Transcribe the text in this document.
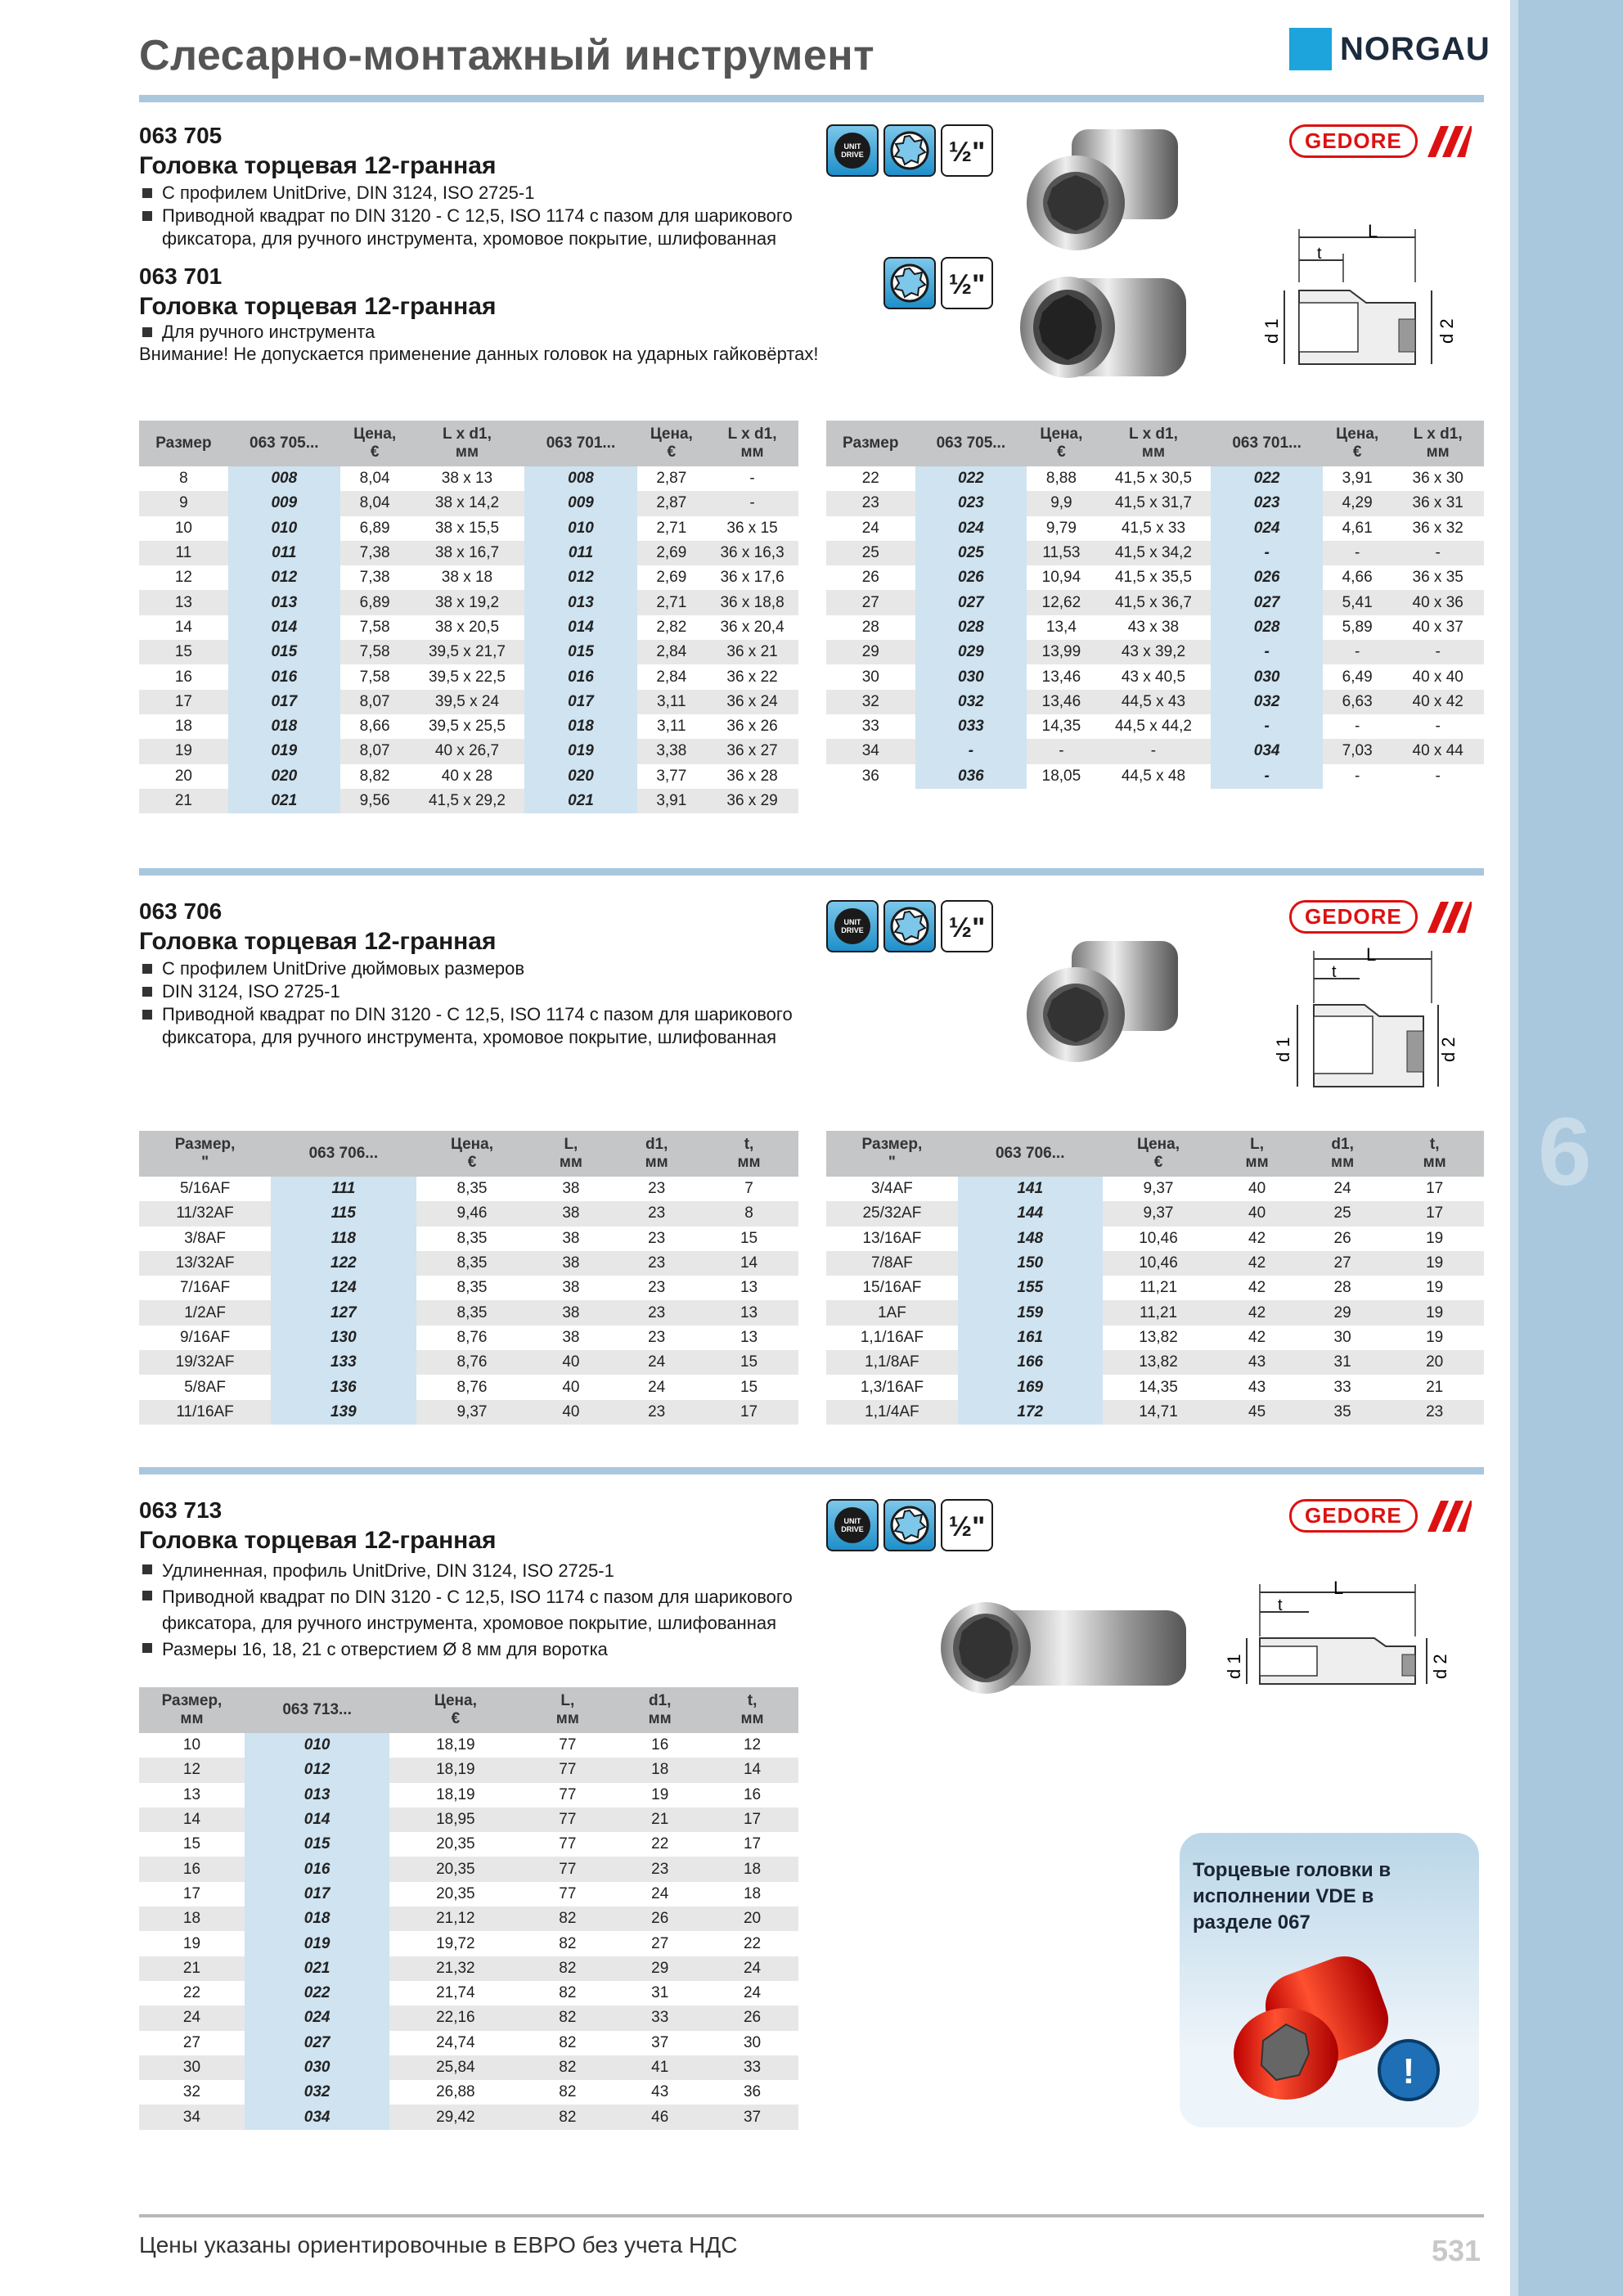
6
Слесарно-монтажный инструмент	NORGAU
063 705
Головка торцевая 12-гранная
С профилем UnitDrive, DIN 3124, ISO 2725-1
Приводной квадрат по DIN 3120 - С 12,5, ISO 1174 с пазом для шарикового фиксатора, для ручного инструмента, хромовое покрытие, шлифованная
063 701
Головка торцевая 12-гранная
Для ручного инструмента
Внимание! Не допускается применение данных головок на ударных гайковёртах!
UNIT
DRIVE	½"
½"
GEDORE
L
t
d 1	d 2
Размер	063 705...	Цена,
€	L x d1,
мм	063 701...	Цена,
€	L x d1,
мм
8	008	8,04	38 x 13	008	2,87	-
9	009	8,04	38 x 14,2	009	2,87	-
10	010	6,89	38 x 15,5	010	2,71	36 x 15
11	011	7,38	38 x 16,7	011	2,69	36 x 16,3
12	012	7,38	38 x 18	012	2,69	36 x 17,6
13	013	6,89	38 x 19,2	013	2,71	36 x 18,8
14	014	7,58	38 x 20,5	014	2,82	36 x 20,4
15	015	7,58	39,5 x 21,7	015	2,84	36 x 21
16	016	7,58	39,5 x 22,5	016	2,84	36 x 22
17	017	8,07	39,5 x 24	017	3,11	36 x 24
18	018	8,66	39,5 x 25,5	018	3,11	36 x 26
19	019	8,07	40 x 26,7	019	3,38	36 x 27
20	020	8,82	40 x 28	020	3,77	36 x 28
21	021	9,56	41,5 x 29,2	021	3,91	36 x 29
Размер	063 705...	Цена,
€	L x d1,
мм	063 701...	Цена,
€	L x d1,
мм
22	022	8,88	41,5 x 30,5	022	3,91	36 x 30
23	023	9,9	41,5 x 31,7	023	4,29	36 x 31
24	024	9,79	41,5 x 33	024	4,61	36 x 32
25	025	11,53	41,5 x 34,2	-	-	-
26	026	10,94	41,5 x 35,5	026	4,66	36 x 35
27	027	12,62	41,5 x 36,7	027	5,41	40 x 36
28	028	13,4	43 x 38	028	5,89	40 x 37
29	029	13,99	43 x 39,2	-	-	-
30	030	13,46	43 x 40,5	030	6,49	40 x 40
32	032	13,46	44,5 x 43	032	6,63	40 x 42
33	033	14,35	44,5 x 44,2	-	-	-
34	-	-	-	034	7,03	40 x 44
36	036	18,05	44,5 x 48	-	-	-
063 706
Головка торцевая 12-гранная
С профилем UnitDrive дюймовых размеров
DIN 3124, ISO 2725-1
Приводной квадрат по DIN 3120 - С 12,5, ISO 1174 с пазом для шарикового фиксатора, для ручного инструмента, хромовое покрытие, шлифованная
UNIT
DRIVE	½"	GEDORE
L
t
d 1	d 2
Размер,
"	063 706...	Цена,
€	L,
мм	d1,
мм	t,
мм
5/16AF	111	8,35	38	23	7
11/32AF	115	9,46	38	23	8
3/8AF	118	8,35	38	23	15
13/32AF	122	8,35	38	23	14
7/16AF	124	8,35	38	23	13
1/2AF	127	8,35	38	23	13
9/16AF	130	8,76	38	23	13
19/32AF	133	8,76	40	24	15
5/8AF	136	8,76	40	24	15
11/16AF	139	9,37	40	23	17
Размер,
"	063 706...	Цена,
€	L,
мм	d1,
мм	t,
мм
3/4AF	141	9,37	40	24	17
25/32AF	144	9,37	40	25	17
13/16AF	148	10,46	42	26	19
7/8AF	150	10,46	42	27	19
15/16AF	155	11,21	42	28	19
1AF	159	11,21	42	29	19
1,1/16AF	161	13,82	42	30	19
1,1/8AF	166	13,82	43	31	20
1,3/16AF	169	14,35	43	33	21
1,1/4AF	172	14,71	45	35	23
063 713
Головка торцевая 12-гранная
Удлиненная, профиль UnitDrive, DIN 3124, ISO 2725-1
Приводной квадрат по DIN 3120 - С 12,5, ISO 1174 с пазом для шарикового фиксатора, для ручного инструмента, хромовое покрытие, шлифованная
Размеры 16, 18, 21 с отверстием Ø 8 мм для воротка
UNIT
DRIVE	½"	GEDORE
L
t
d 1	d 2
Размер,
мм	063 713...	Цена,
€	L,
мм	d1,
мм	t,
мм
10	010	18,19	77	16	12
12	012	18,19	77	18	14
13	013	18,19	77	19	16
14	014	18,95	77	21	17
15	015	20,35	77	22	17
16	016	20,35	77	23	18
17	017	20,35	77	24	18
18	018	21,12	82	26	20
19	019	19,72	82	27	22
21	021	21,32	82	29	24
22	022	21,74	82	31	24
24	024	22,16	82	33	26
27	027	24,74	82	37	30
30	030	25,84	82	41	33
32	032	26,88	82	43	36
34	034	29,42	82	46	37
Торцевые головки в исполнении VDE в разделе 067
!
Цены указаны ориентировочные в ЕВРО без учета НДС	531
